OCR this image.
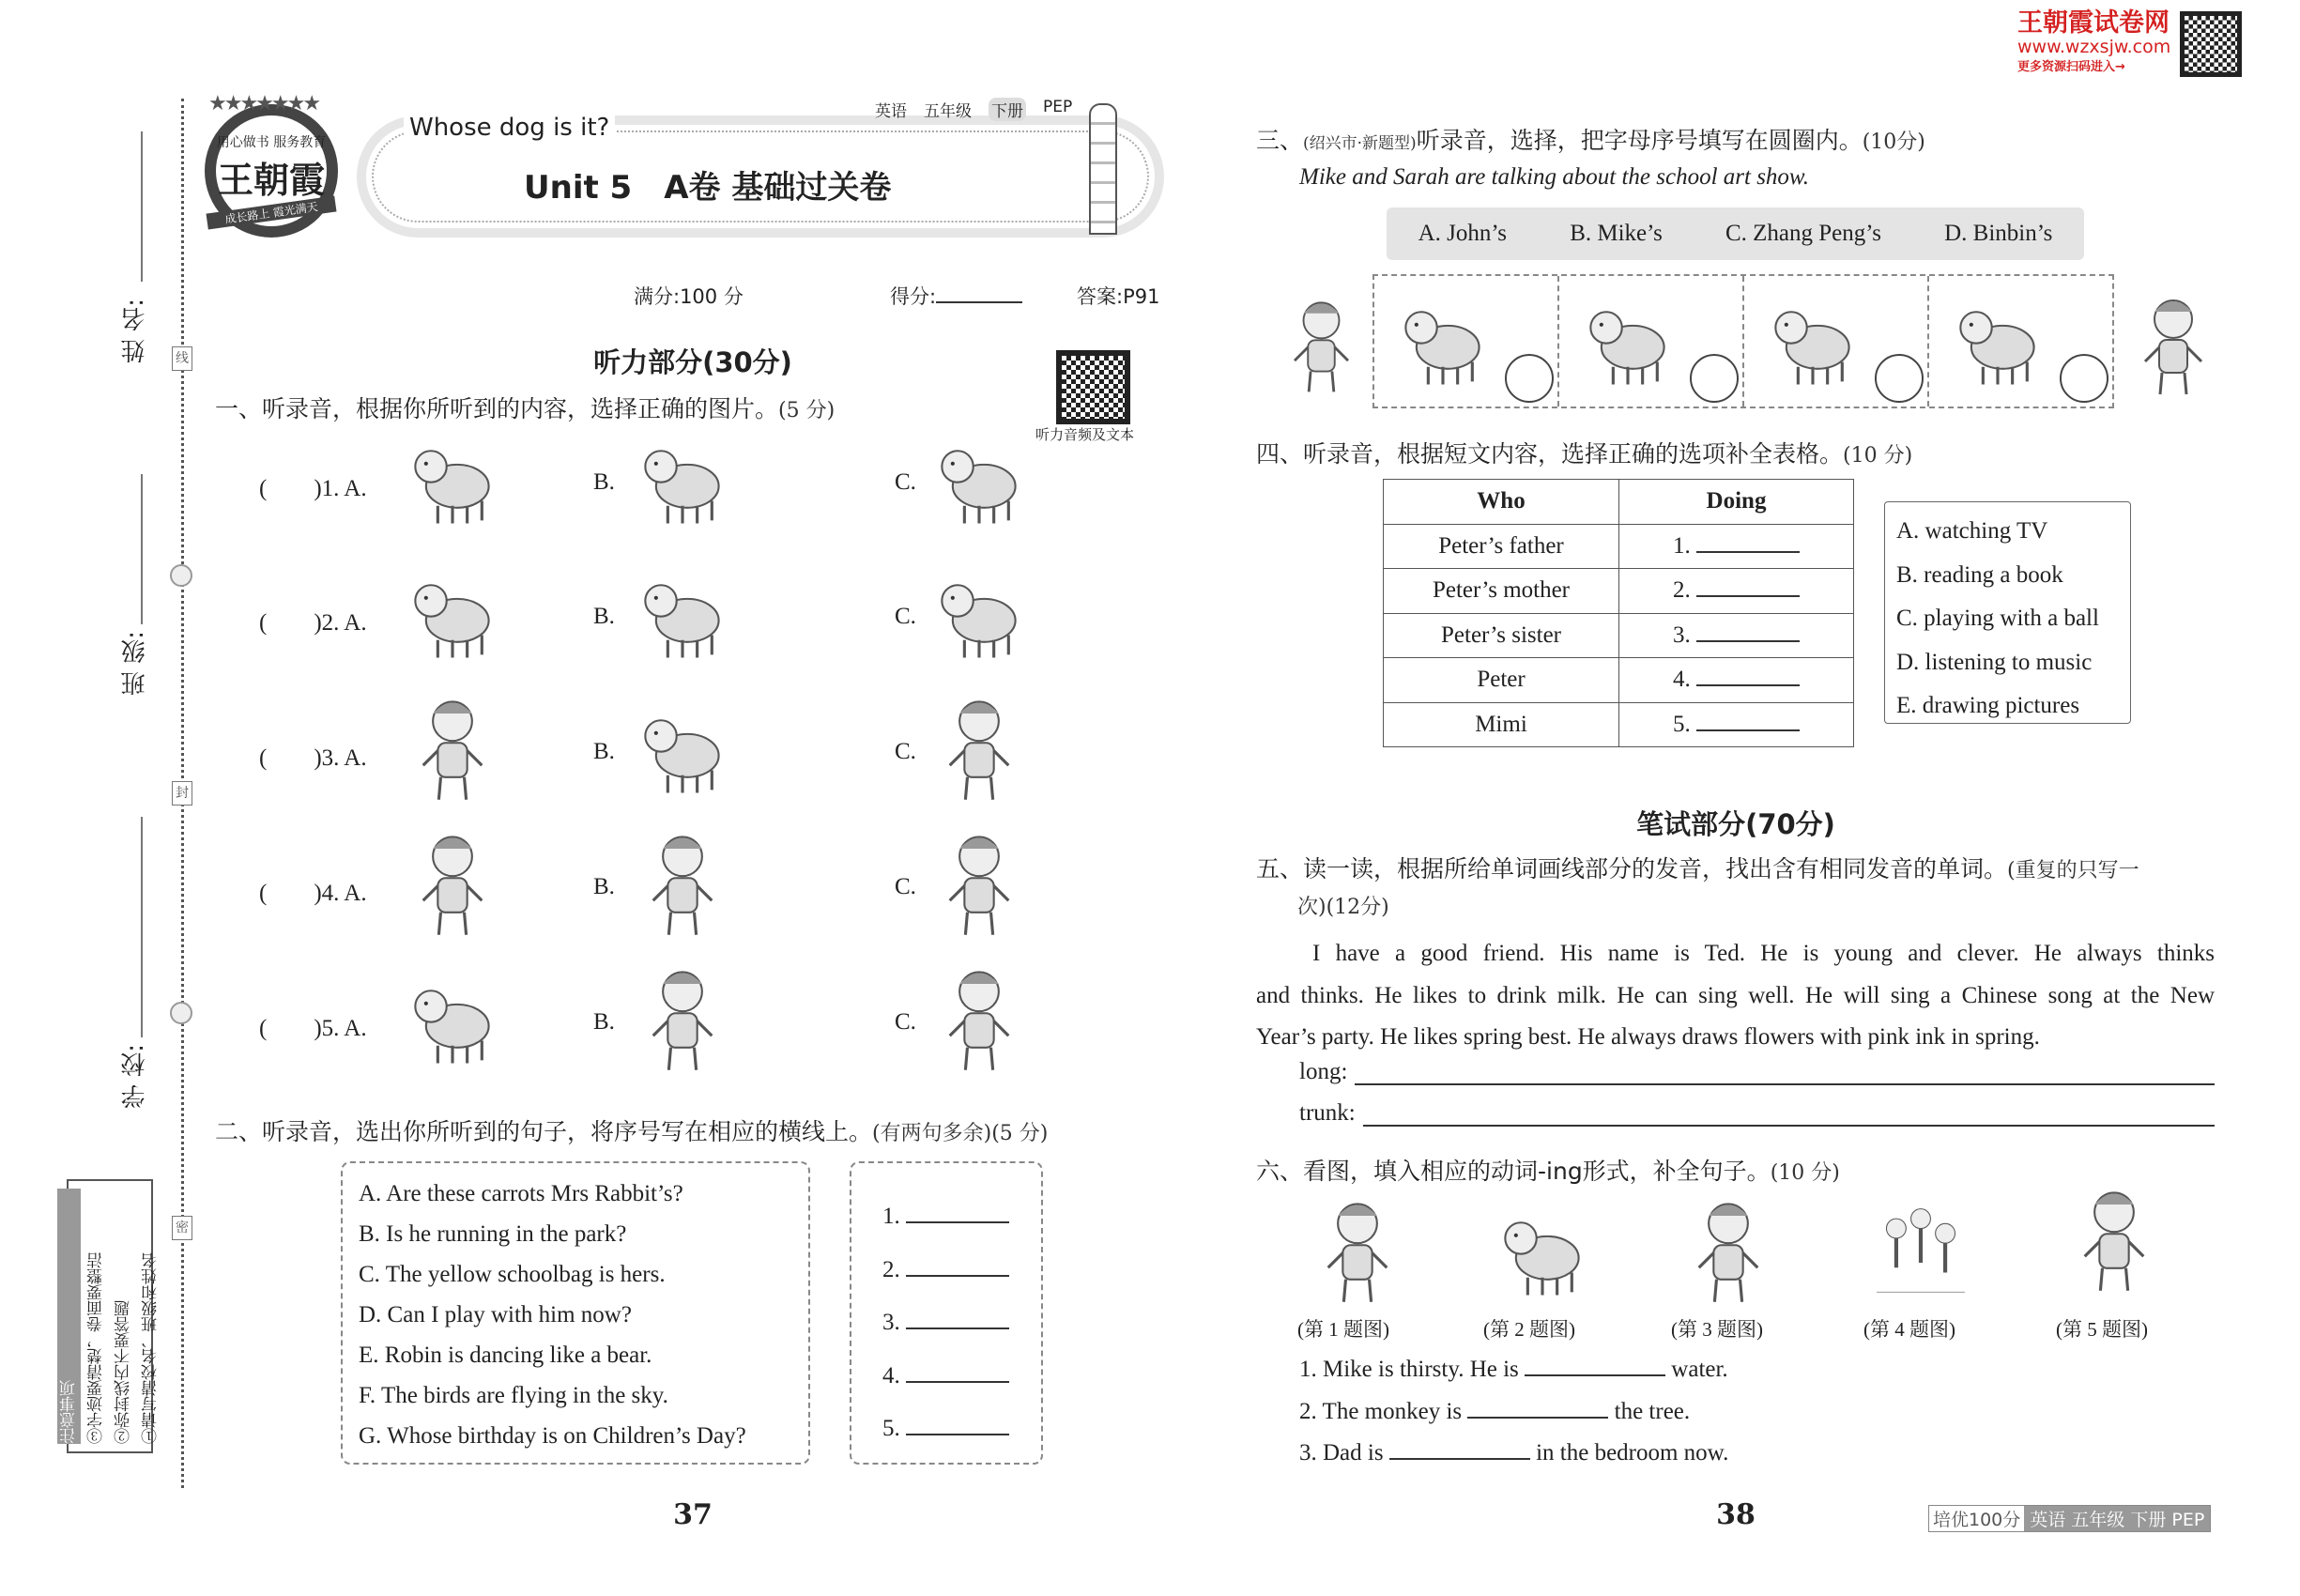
姓 名:
班 级:
学 校:
线
封
密
①请写清校名、班级和姓名
②弥封线内不要答题
③字迹要清楚，卷面要整洁
注意事项
用心做书 服务教育
王朝霞
成长路上 霞光满天
★★★★★★★
Whose dog is it?
英语 五年级 下册 PEP
Unit 5　A卷 基础过关卷
满分:100 分	得分:	答案:P91
听力部分(30分)
听力音频及文本
一、听录音，根据你所听到的内容，选择正确的图片。(5 分)
(　　)1. A.	B.	C.
(　　)2. A.	B.	C.
(　　)3. A.	B.	C.
(　　)4. A.	B.	C.
(　　)5. A.	B.	C.
二、听录音，选出你所听到的句子，将序号写在相应的横线上。(有两句多余)(5 分)
A. Are these carrots Mrs Rabbit’s?
B. Is he running in the park?
C. The yellow schoolbag is hers.
D. Can I play with him now?
E. Robin is dancing like a bear.
F. The birds are flying in the sky.
G. Whose birthday is on Children’s Day?
1.
2.
3.
4.
5.
37
王朝霞试卷网
www.wzxsjw.com
更多资源扫码进入→
三、(绍兴市·新题型)听录音，选择，把字母序号填写在圆圈内。(10分)
Mike and Sarah are talking about the school art show.
A. John’s	B. Mike’s	C. Zhang Peng’s	D. Binbin’s
四、听录音，根据短文内容，选择正确的选项补全表格。(10 分)
Who	Doing
Peter’s father	1.
Peter’s mother	2.
Peter’s sister	3.
Peter	4.
Mimi	5.
A. watching TV
B. reading a book
C. playing with a ball
D. listening to music
E. drawing pictures
笔试部分(70分)
五、读一读，根据所给单词画线部分的发音，找出含有相同发音的单词。(重复的只写一
次)(12分)
I have a good friend. His name is Ted. He is young and clever. He always thinks
and thinks. He likes to drink milk. He can sing well. He will sing a Chinese song at the New
Year’s party. He likes spring best. He always draws flowers with pink ink in spring.
long:
trunk:
六、看图，填入相应的动词-ing形式，补全句子。(10 分)
(第 1 题图)	(第 2 题图)	(第 3 题图)	(第 4 题图)	(第 5 题图)
1. Mike is thirsty. He is	water.
2. The monkey is	the tree.
3. Dad is	in the bedroom now.
38	培优100分 英语 五年级 下册 PEP
